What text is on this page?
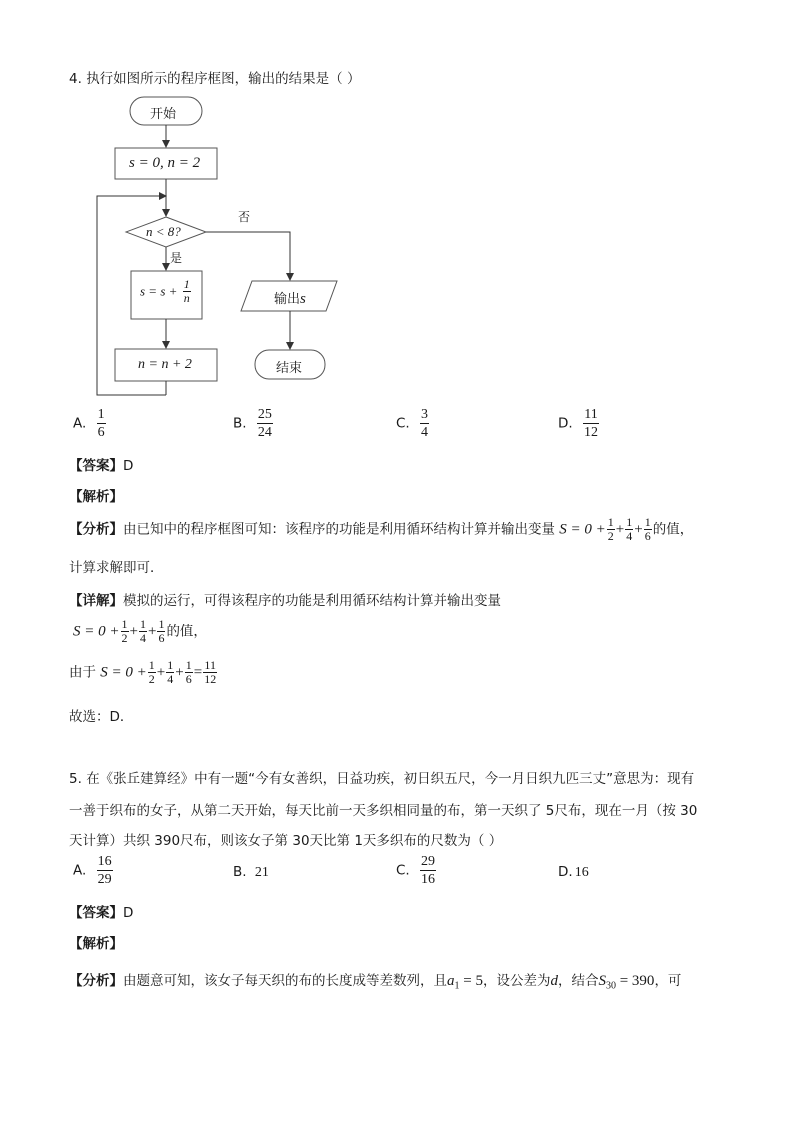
4. 执行如图所示的程序框图，输出的结果是（ ）
开始
s = 0, n = 2
n < 8?
否
是
$s = s + \frac{1}{n}$	输出s
n = n + 2	结束
A. $\frac{1}{6}$	B. $\frac{25}{24}$	C. $\frac{3}{4}$	D. $\frac{11}{12}$
【答案】D
【解析】
【分析】由已知中的程序框图可知：该程序的功能是利用循环结构计算并输出变量 $S = 0 + \frac{1}{2} + \frac{1}{4} + \frac{1}{6}$ 的值，
计算求解即可．
【详解】模拟的运行，可得该程序的功能是利用循环结构计算并输出变量
$S = 0 + \frac{1}{2} + \frac{1}{4} + \frac{1}{6}$ 的值，
由于 $S = 0 + \frac{1}{2} + \frac{1}{4} + \frac{1}{6} = \frac{11}{12}$
故选：D．
5. 在《张丘建算经》中有一题“今有女善织，日益功疾，初日织五尺，今一月日织九匹三丈”意思为：现有
一善于织布的女子，从第二天开始，每天比前一天多织相同量的布，第一天织了 5尺布，现在一月（按 30
天计算）共织 390尺布，则该女子第 30天比第 1天多织布的尺数为（ ）
A. $\frac{16}{29}$	B. 21	C. $\frac{29}{16}$	D. 16
【答案】D
【解析】
【分析】由题意可知，该女子每天织的布的长度成等差数列，且$a_1 = 5$，设公差为d，结合$S_{30} = 390$，可
